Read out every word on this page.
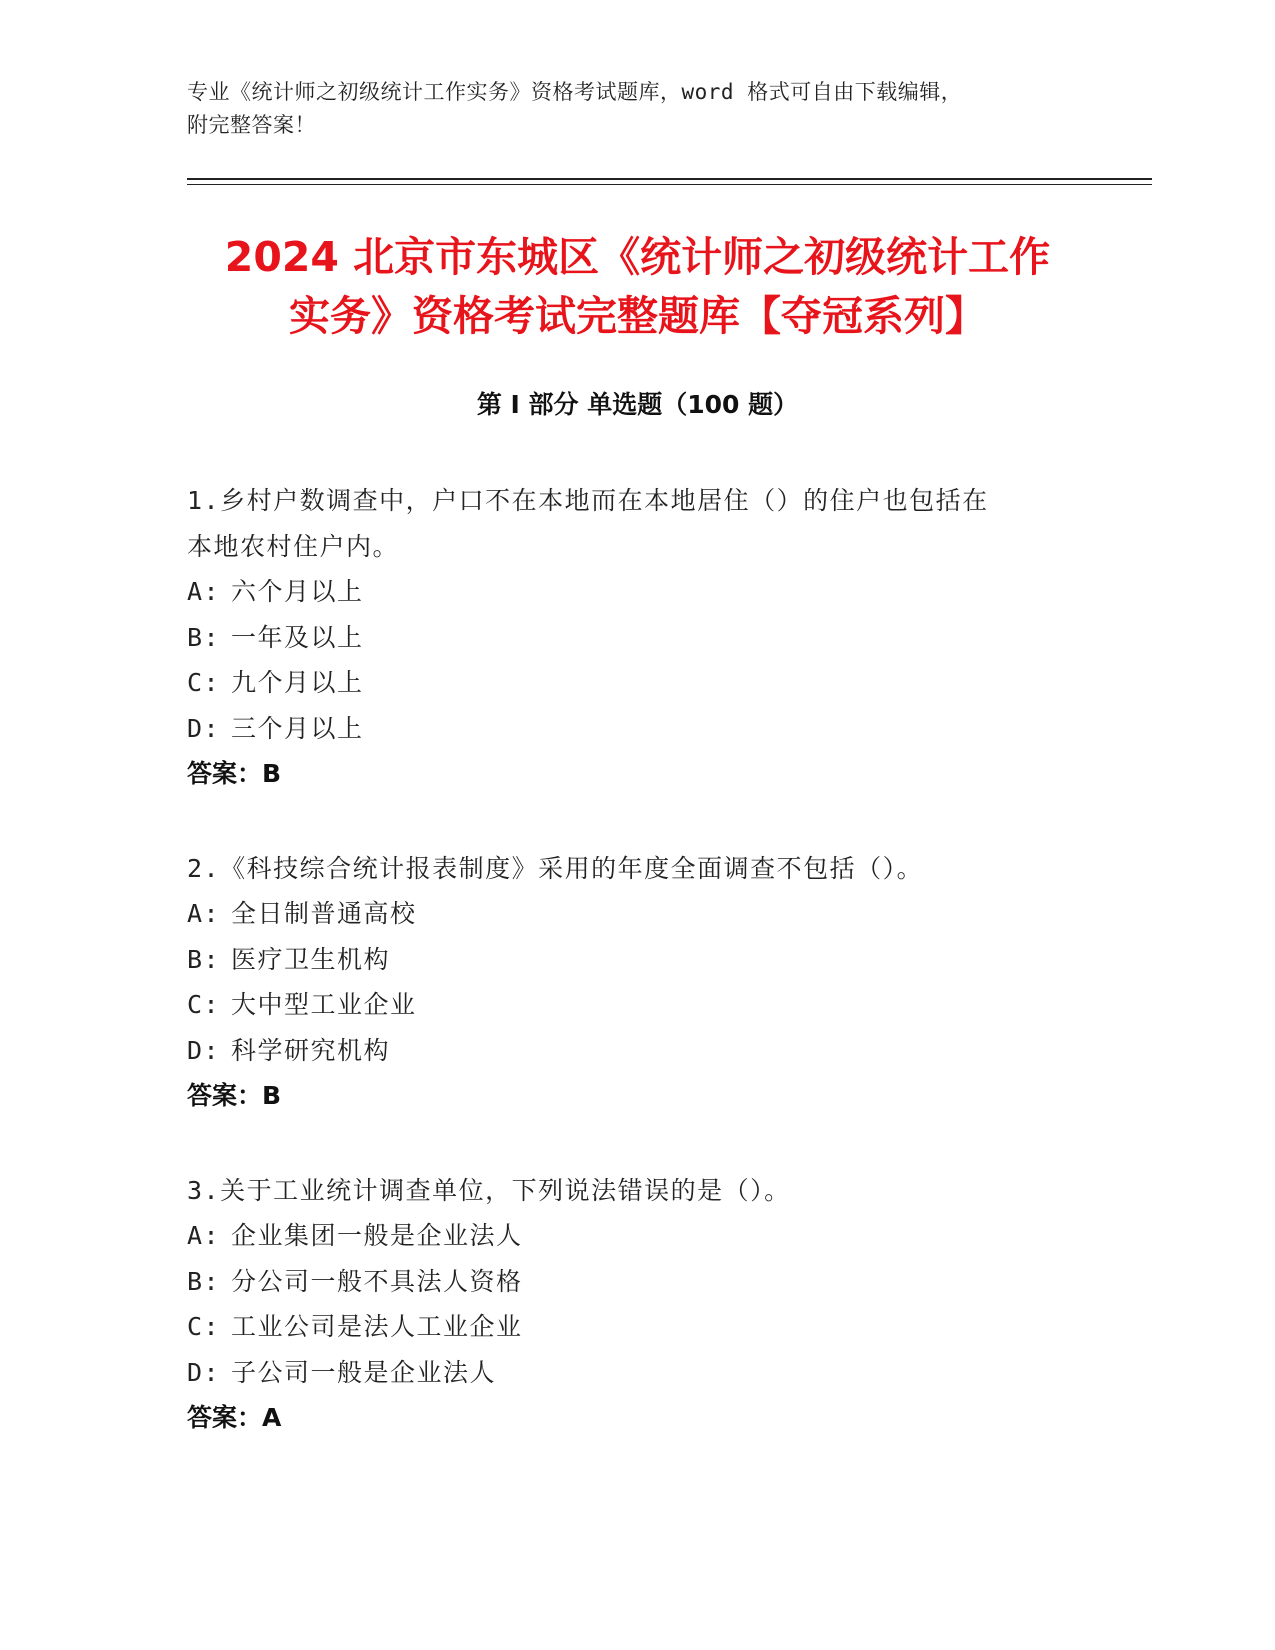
专业《统计师之初级统计工作实务》资格考试题库，word 格式可自由下载编辑，
附完整答案！
2024 北京市东城区《统计师之初级统计工作
实务》资格考试完整题库【夺冠系列】
第 I 部分 单选题（100 题）
1.乡村户数调查中，户口不在本地而在本地居住（）的住户也包括在
本地农村住户内。
A: 六个月以上
B: 一年及以上
C: 九个月以上
D: 三个月以上
答案：B
2.《科技综合统计报表制度》采用的年度全面调查不包括（）。
A: 全日制普通高校
B: 医疗卫生机构
C: 大中型工业企业
D: 科学研究机构
答案：B
3.关于工业统计调查单位，下列说法错误的是（）。
A: 企业集团一般是企业法人
B: 分公司一般不具法人资格
C: 工业公司是法人工业企业
D: 子公司一般是企业法人
答案：A
